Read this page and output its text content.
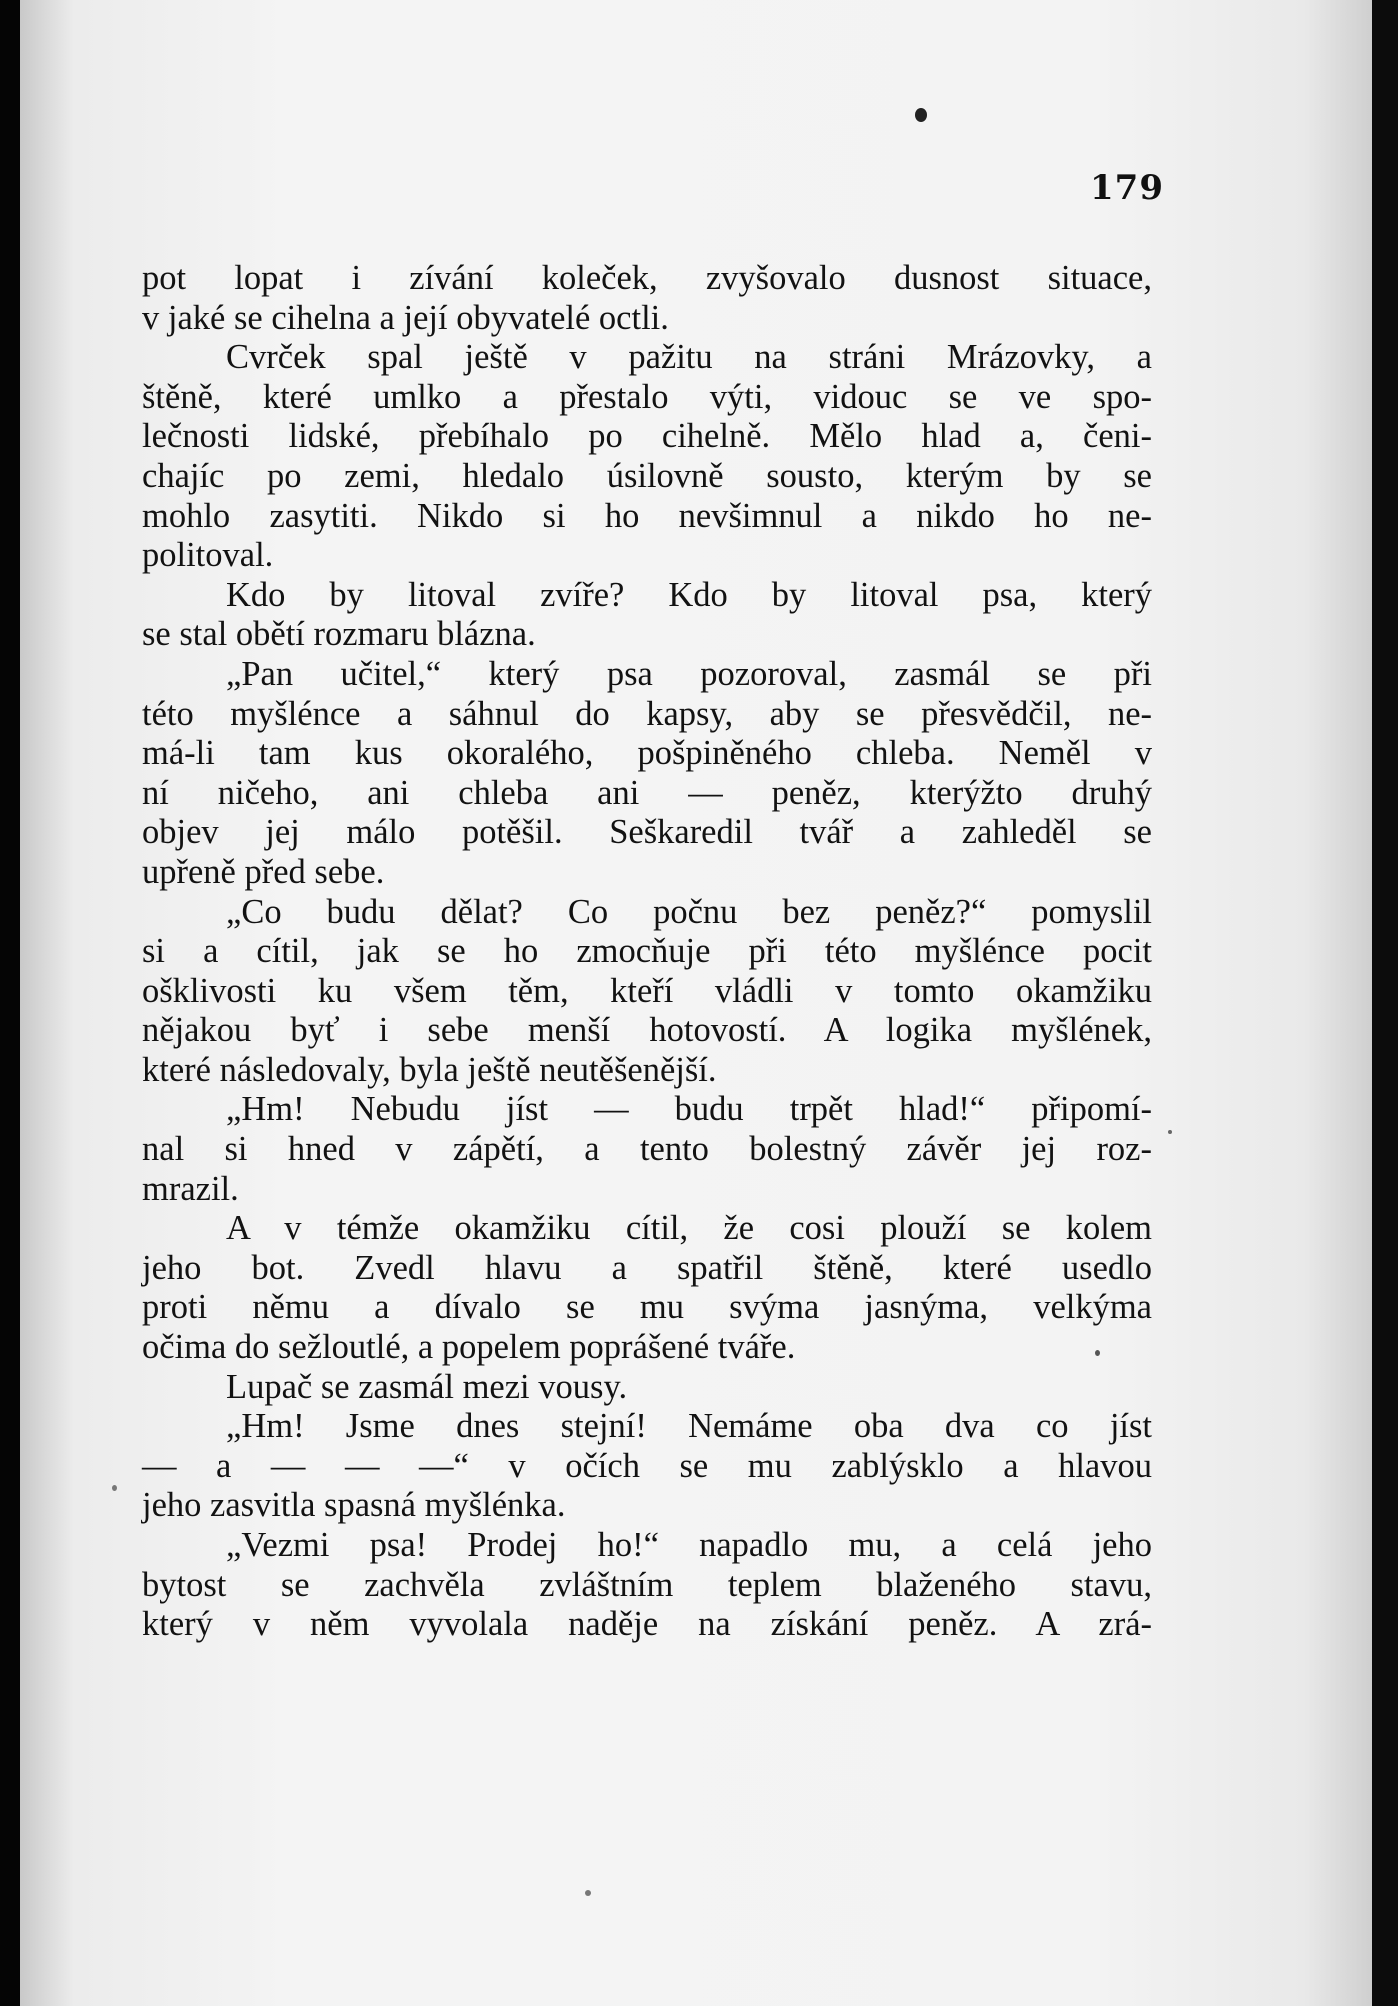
179
pot lopat i zívání koleček, zvyšovalo dusnost situace,
v jaké se cihelna a její obyvatelé octli.
Cvrček spal ještě v pažitu na stráni Mrázovky, a
štěně, které umlko a přestalo výti, vidouc se ve spo-
lečnosti lidské, přebíhalo po cihelně. Mělo hlad a, čeni-
chajíc po zemi, hledalo úsilovně sousto, kterým by se
mohlo zasytiti. Nikdo si ho nevšimnul a nikdo ho ne-
politoval.
Kdo by litoval zvíře? Kdo by litoval psa, který
se stal obětí rozmaru blázna.
„Pan učitel,“ který psa pozoroval, zasmál se při
této myšlénce a sáhnul do kapsy, aby se přesvědčil, ne-
má-li tam kus okoralého, pošpiněného chleba. Neměl v
ní ničeho, ani chleba ani — peněz, kterýžto druhý
objev jej málo potěšil. Seškaredil tvář a zahleděl se
upřeně před sebe.
„Co budu dělat? Co počnu bez peněz?“ pomyslil
si a cítil, jak se ho zmocňuje při této myšlénce pocit
ošklivosti ku všem těm, kteří vládli v tomto okamžiku
nějakou byť i sebe menší hotovostí. A logika myšlének,
které následovaly, byla ještě neutěšenější.
„Hm! Nebudu jíst — budu trpět hlad!“ připomí-
nal si hned v zápětí, a tento bolestný závěr jej roz-
mrazil.
A v témže okamžiku cítil, že cosi plouží se kolem
jeho bot. Zvedl hlavu a spatřil štěně, které usedlo
proti němu a dívalo se mu svýma jasnýma, velkýma
očima do sežloutlé, a popelem poprášené tváře.
Lupač se zasmál mezi vousy.
„Hm! Jsme dnes stejní! Nemáme oba dva co jíst
— a — — —“ v očích se mu zablýsklo a hlavou
jeho zasvitla spasná myšlénka.
„Vezmi psa! Prodej ho!“ napadlo mu, a celá jeho
bytost se zachvěla zvláštním teplem blaženého stavu,
který v něm vyvolala naděje na získání peněz. A zrá-
